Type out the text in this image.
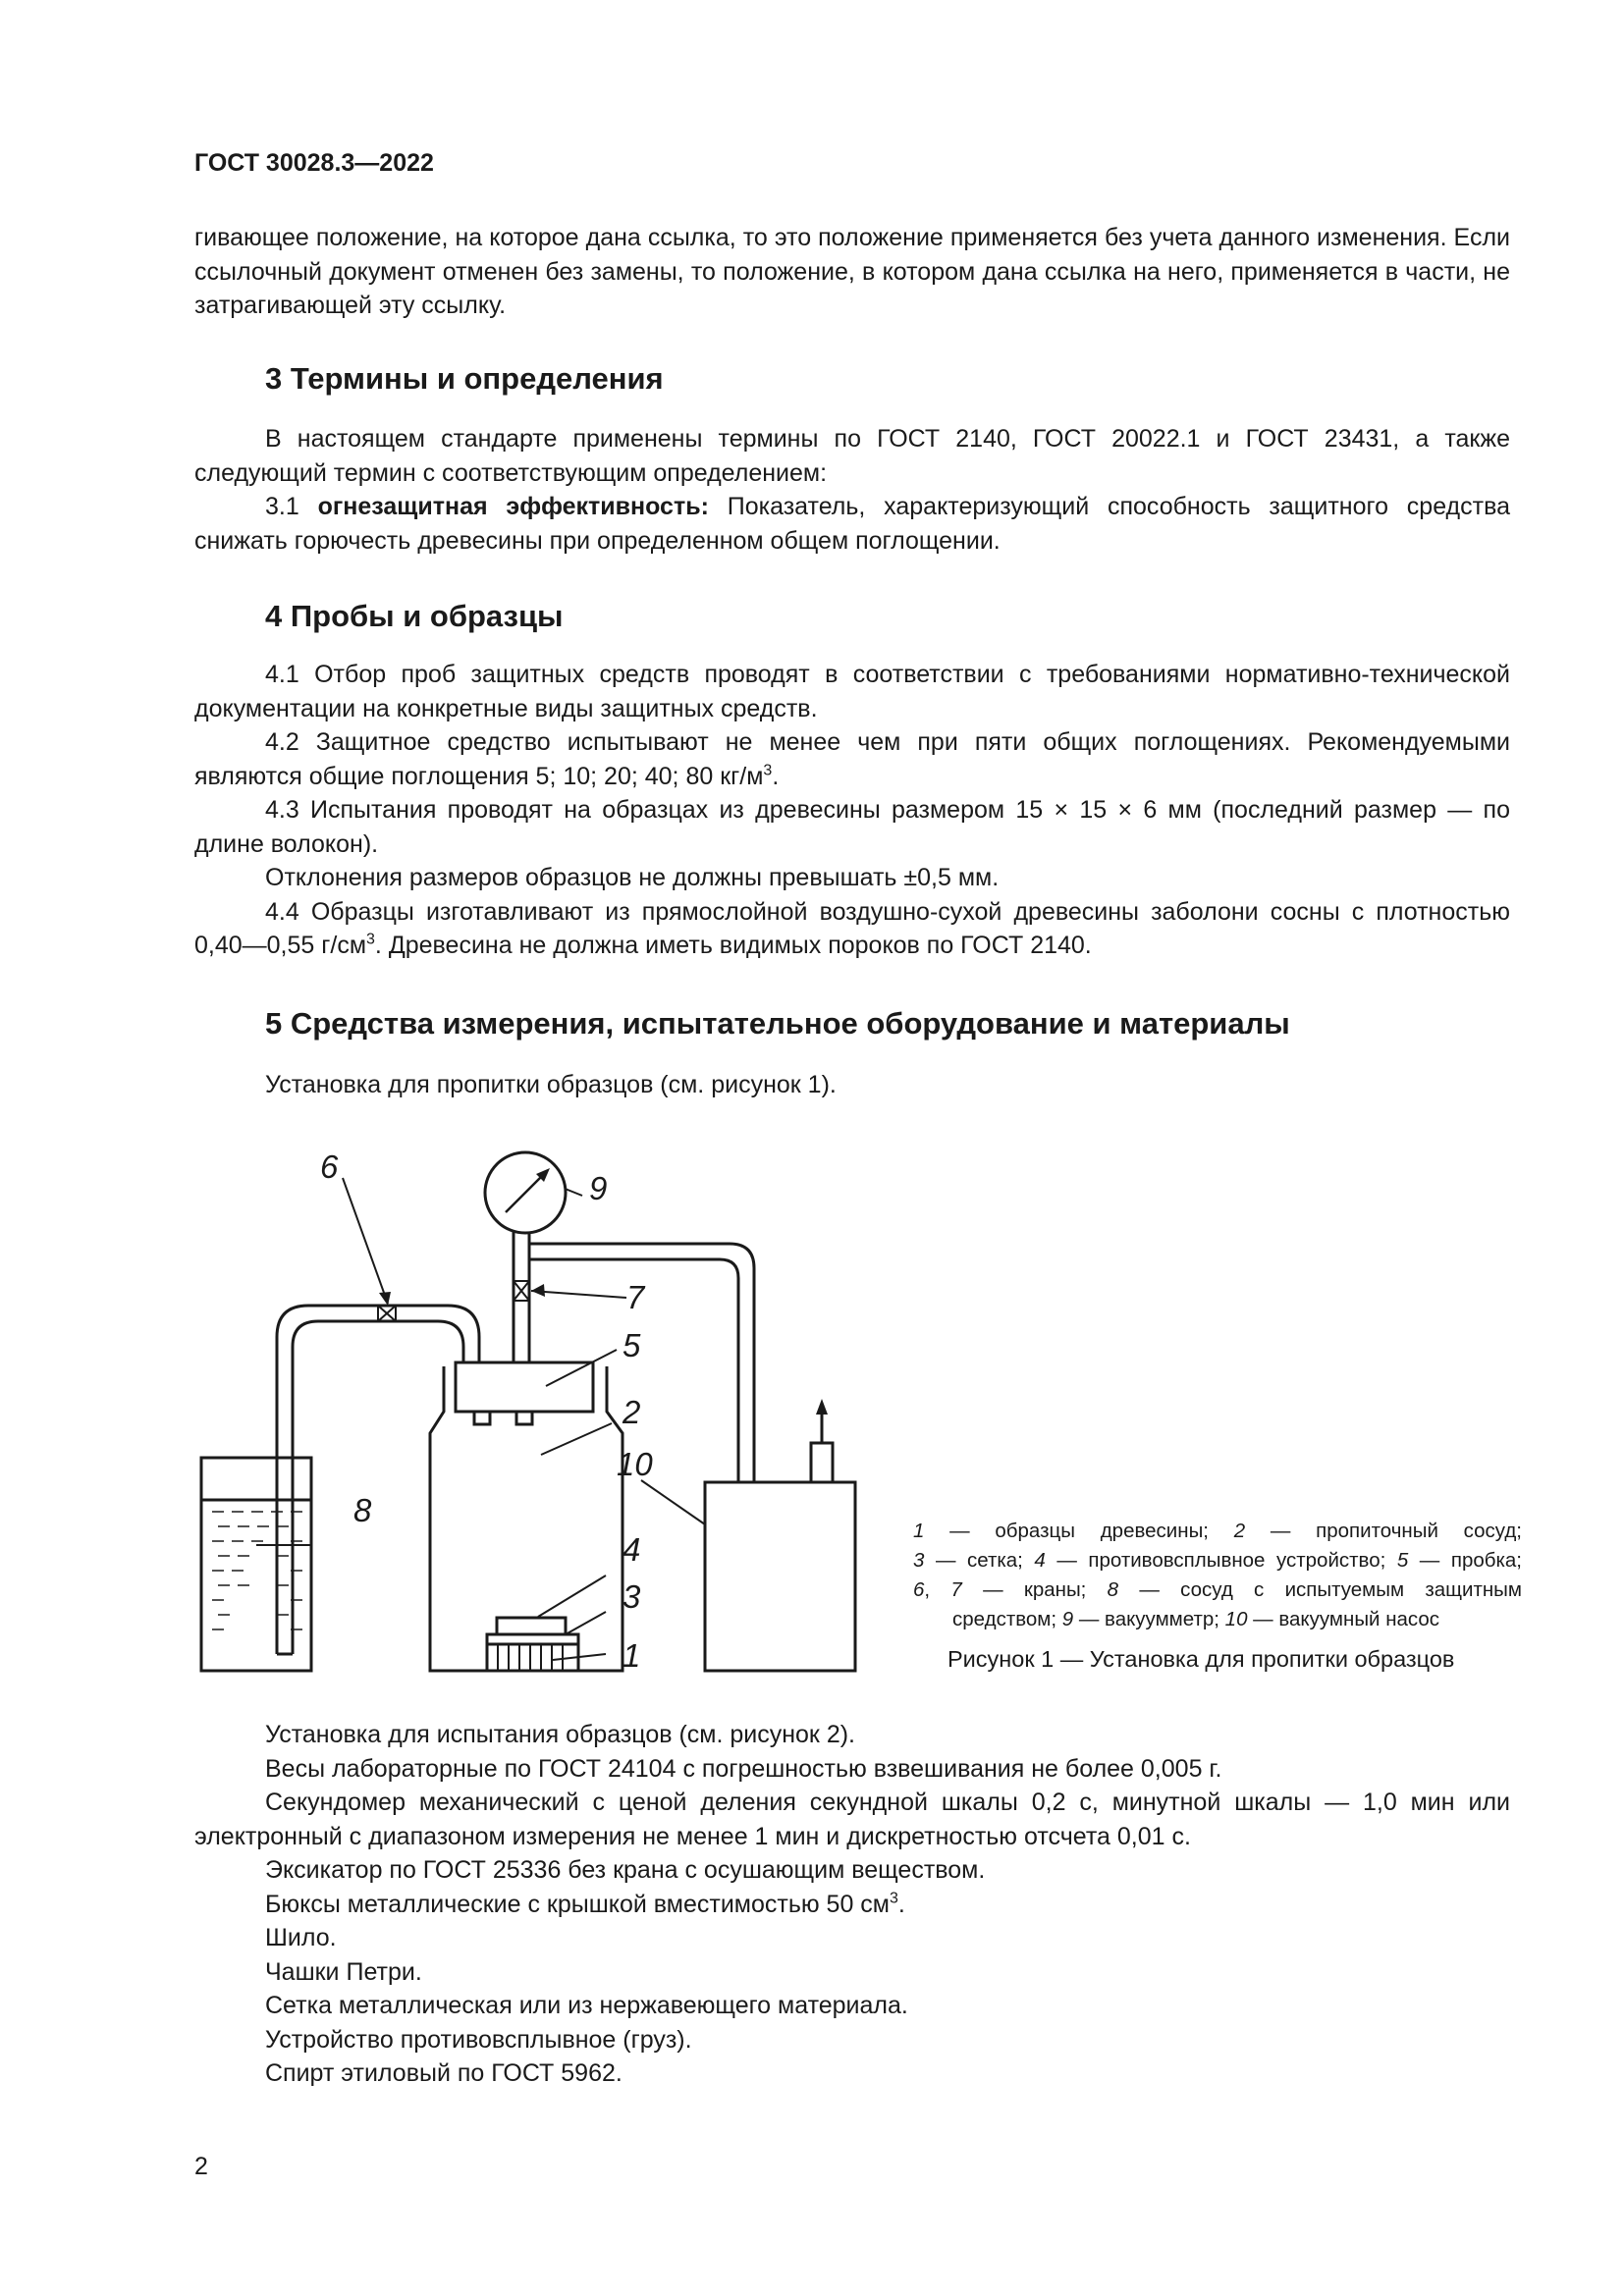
ГОСТ 30028.3—2022
гивающее положение, на которое дана ссылка, то это положение применяется без учета данного изменения. Если
ссылочный документ отменен без замены, то положение, в котором дана ссылка на него, применяется в части, не
затрагивающей эту ссылку.
3 Термины и определения

В настоящем стандарте применены термины по ГОСТ 2140, ГОСТ 20022.1 и ГОСТ 23431, а также следующий термин с соответствующим определением:

3.1 огнезащитная эффективность: Показатель, характеризующий способность защитного средства снижать горючесть древесины при определенном общем поглощении.

4 Пробы и образцы

4.1 Отбор проб защитных средств проводят в соответствии с требованиями нормативно-технической документации на конкретные виды защитных средств.

4.2 Защитное средство испытывают не менее чем при пяти общих поглощениях. Рекомендуемыми являются общие поглощения 5; 10; 20; 40; 80 $кг/м^3$.

4.3 Испытания проводят на образцах из древесины размером 15 × 15 × 6 мм (последний размер — по длине волокон).

Отклонения размеров образцов не должны превышать ±0,5 мм.

4.4 Образцы изготавливают из прямослойной воздушно-сухой древесины заболони сосны с плотностью 0,40—0,55 $г/см^3$. Древесина не должна иметь видимых пороков по ГОСТ 2140.

5 Средства измерения, испытательное оборудование и материалы

Установка для пропитки образцов (см. рисунок 1).

6
9
7
5
2
10
8
4
3
1
1 — образцы древесины; 2 — пропиточный сосуд;
3 — сетка; 4 — противовсплывное устройство; 5 — пробка;
6, 7 — краны; 8 — сосуд с испытуемым защитным
средством; 9 — вакуумметр; 10 — вакуумный насос
Рисунок 1 — Установка для пропитки образцов

Установка для испытания образцов (см. рисунок 2).

Весы лабораторные по ГОСТ 24104 с погрешностью взвешивания не более 0,005 г.

Секундомер механический с ценой деления секундной шкалы 0,2 с, минутной шкалы — 1,0 мин или электронный с диапазоном измерения не менее 1 мин и дискретностью отсчета 0,01 с.

Эксикатор по ГОСТ 25336 без крана с осушающим веществом.

Бюксы металлические с крышкой вместимостью 50 $см^3$.

Шило.

Чашки Петри.

Сетка металлическая или из нержавеющего материала.

Устройство противовсплывное (груз).

Спирт этиловый по ГОСТ 5962.

2
